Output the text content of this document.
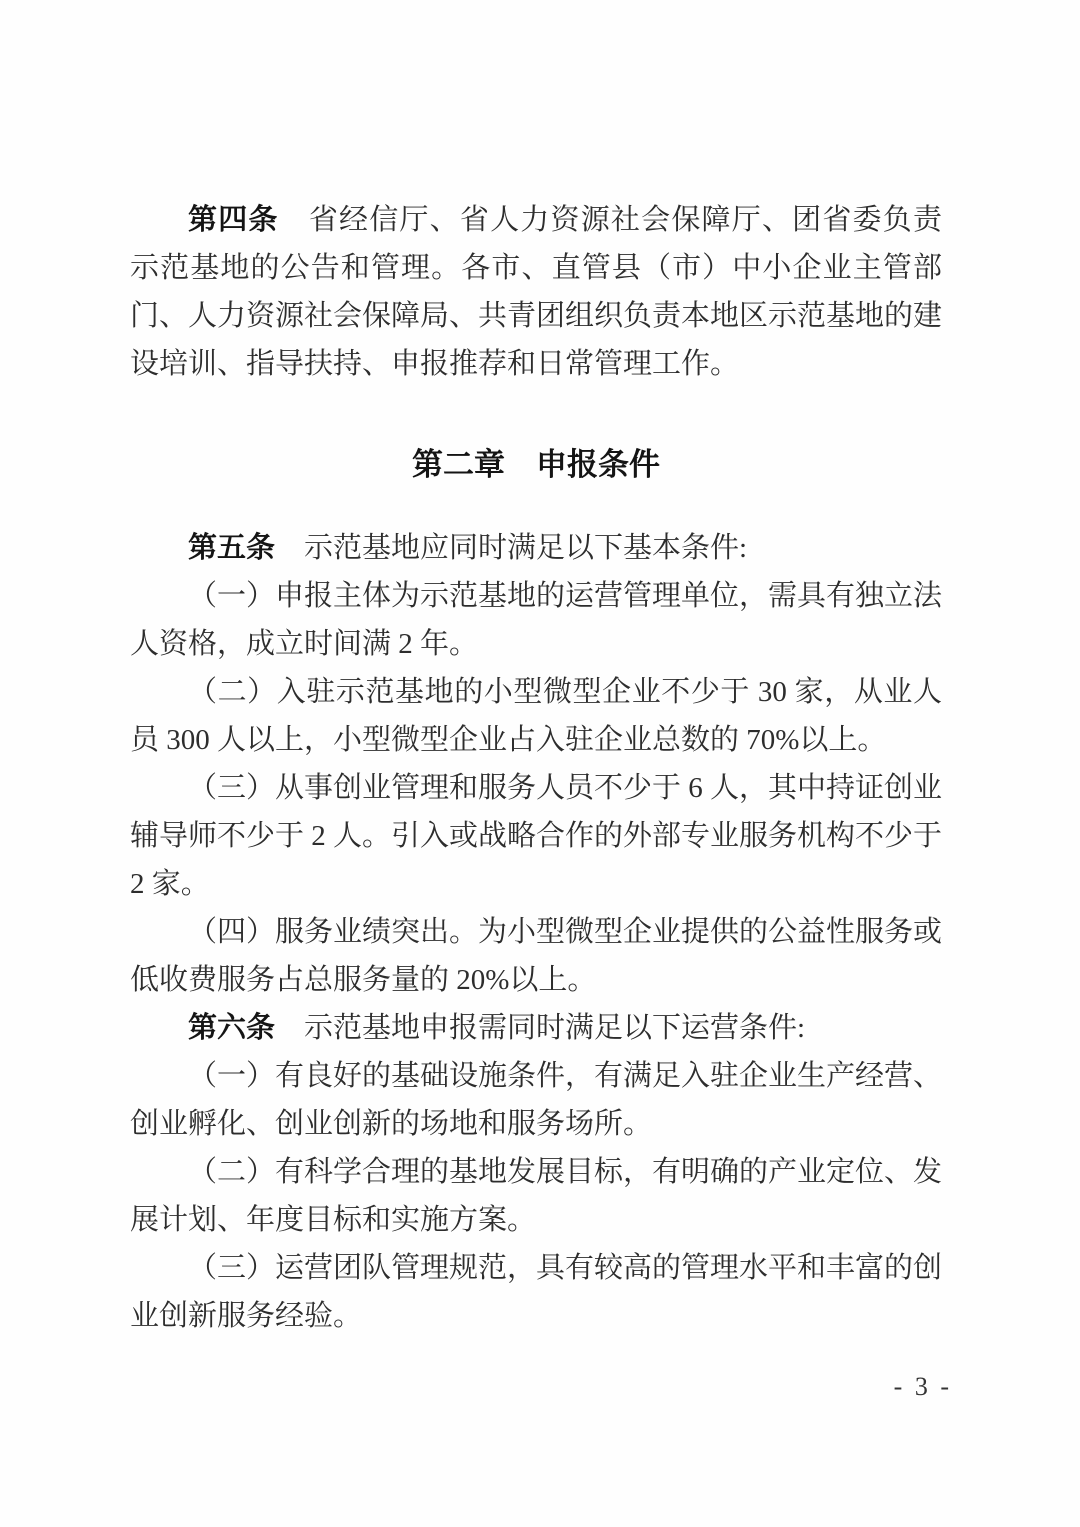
第四条　省经信厅、省人力资源社会保障厅、团省委负责示范基地的公告和管理。各市、直管县（市）中小企业主管部门、人力资源社会保障局、共青团组织负责本地区示范基地的建设培训、指导扶持、申报推荐和日常管理工作。

第二章 申报条件

第五条　示范基地应同时满足以下基本条件:

（一）申报主体为示范基地的运营管理单位，需具有独立法人资格，成立时间满 2 年。

（二）入驻示范基地的小型微型企业不少于 30 家，从业人员 300 人以上，小型微型企业占入驻企业总数的 70%以上。

（三）从事创业管理和服务人员不少于 6 人，其中持证创业辅导师不少于 2 人。引入或战略合作的外部专业服务机构不少于 2 家。

（四）服务业绩突出。为小型微型企业提供的公益性服务或低收费服务占总服务量的 20%以上。

第六条　示范基地申报需同时满足以下运营条件:

（一）有良好的基础设施条件，有满足入驻企业生产经营、创业孵化、创业创新的场地和服务场所。

（二）有科学合理的基地发展目标，有明确的产业定位、发展计划、年度目标和实施方案。

（三）运营团队管理规范，具有较高的管理水平和丰富的创业创新服务经验。

- 3 -
